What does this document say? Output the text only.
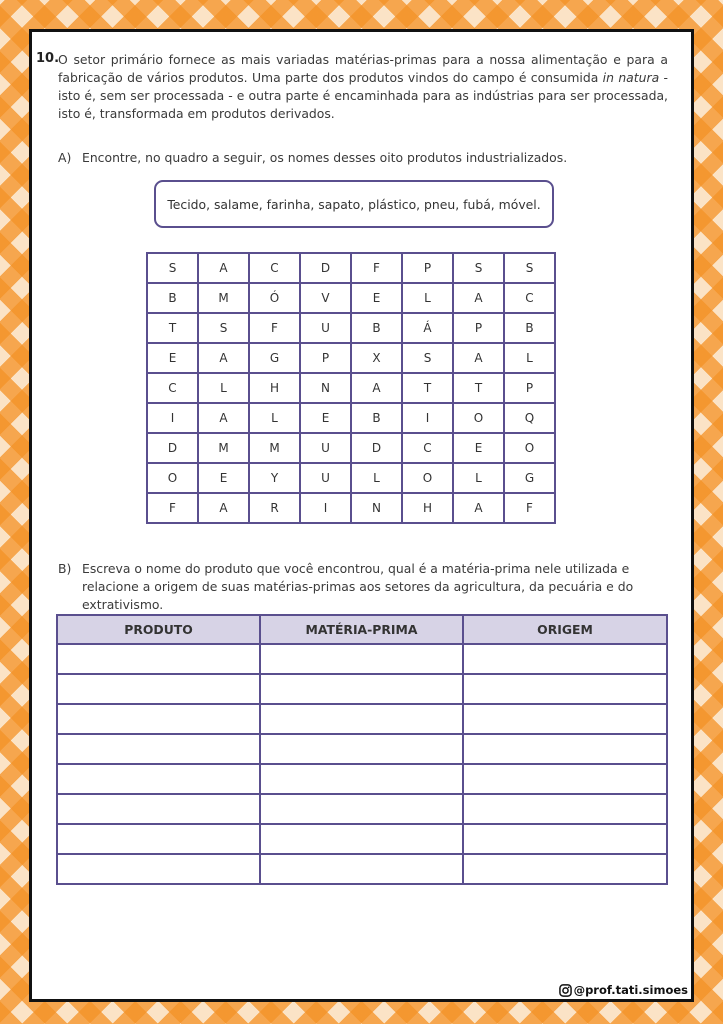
10.
O setor primário fornece as mais variadas matérias-primas para a nossa alimentação e para a fabricação de vários produtos. Uma parte dos produtos vindos do campo é consumida in natura - isto é, sem ser processada - e outra parte é encaminhada para as indústrias para ser processada, isto é, transformada em produtos derivados.
A) Encontre, no quadro a seguir, os nomes desses oito produtos industrializados.
Tecido, salame, farinha, sapato, plástico, pneu, fubá, móvel.
S	A	C	D	F	P	S	S
B	M	Ó	V	E	L	A	C
T	S	F	U	B	Á	P	B
E	A	G	P	X	S	A	L
C	L	H	N	A	T	T	P
I	A	L	E	B	I	O	Q
D	M	M	U	D	C	E	O
O	E	Y	U	L	O	L	G
F	A	R	I	N	H	A	F
B) Escreva o nome do produto que você encontrou, qual é a matéria-prima nele utilizada e relacione a origem de suas matérias-primas aos setores da agricultura, da pecuária e do extrativismo.
PRODUTO	MATÉRIA-PRIMA	ORIGEM

@prof.tati.simoes
